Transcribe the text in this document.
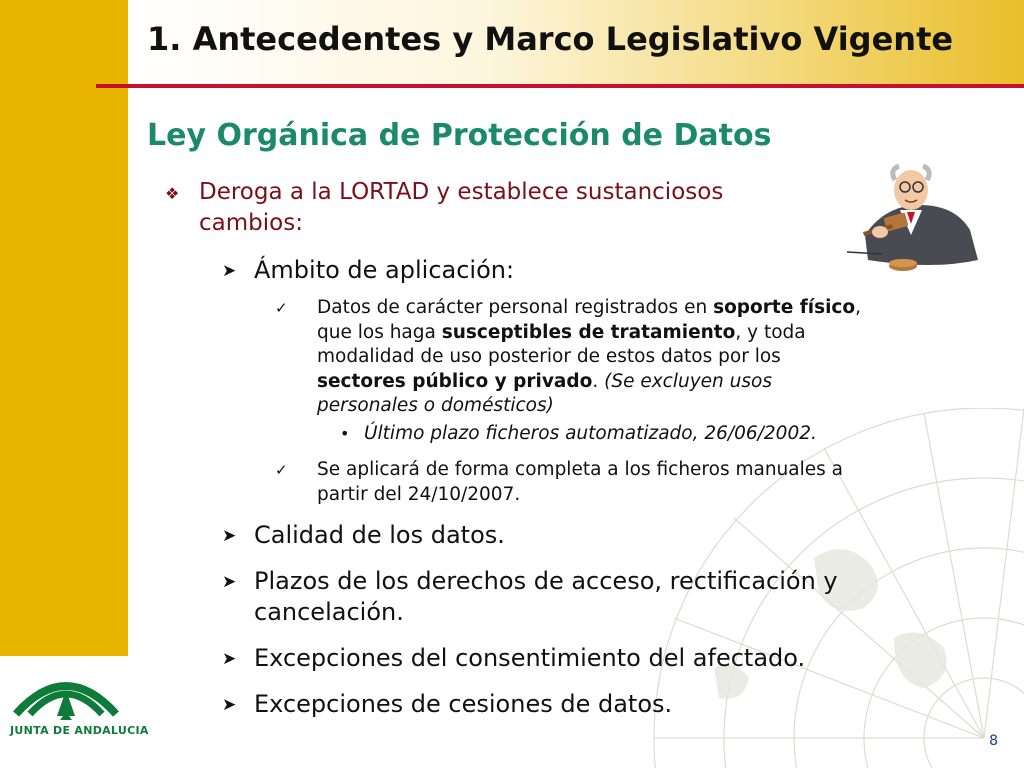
1. Antecedentes y Marco Legislativo Vigente
Ley Orgánica de Protección de Datos
❖ Deroga a la LORTAD y establece sustanciosos cambios:
➤ Ámbito de aplicación:
✓ Datos de carácter personal registrados en soporte físico, que los haga susceptibles de tratamiento, y toda modalidad de uso posterior de estos datos por los sectores público y privado. (Se excluyen usos personales o domésticos)
• Último plazo ficheros automatizado, 26/06/2002.
✓ Se aplicará de forma completa a los ficheros manuales a partir del 24/10/2007.
➤ Calidad de los datos.
➤ Plazos de los derechos de acceso, rectificación y cancelación.
➤ Excepciones del consentimiento del afectado.
➤ Excepciones de cesiones de datos.
JUNTA DE ANDALUCIA
8
